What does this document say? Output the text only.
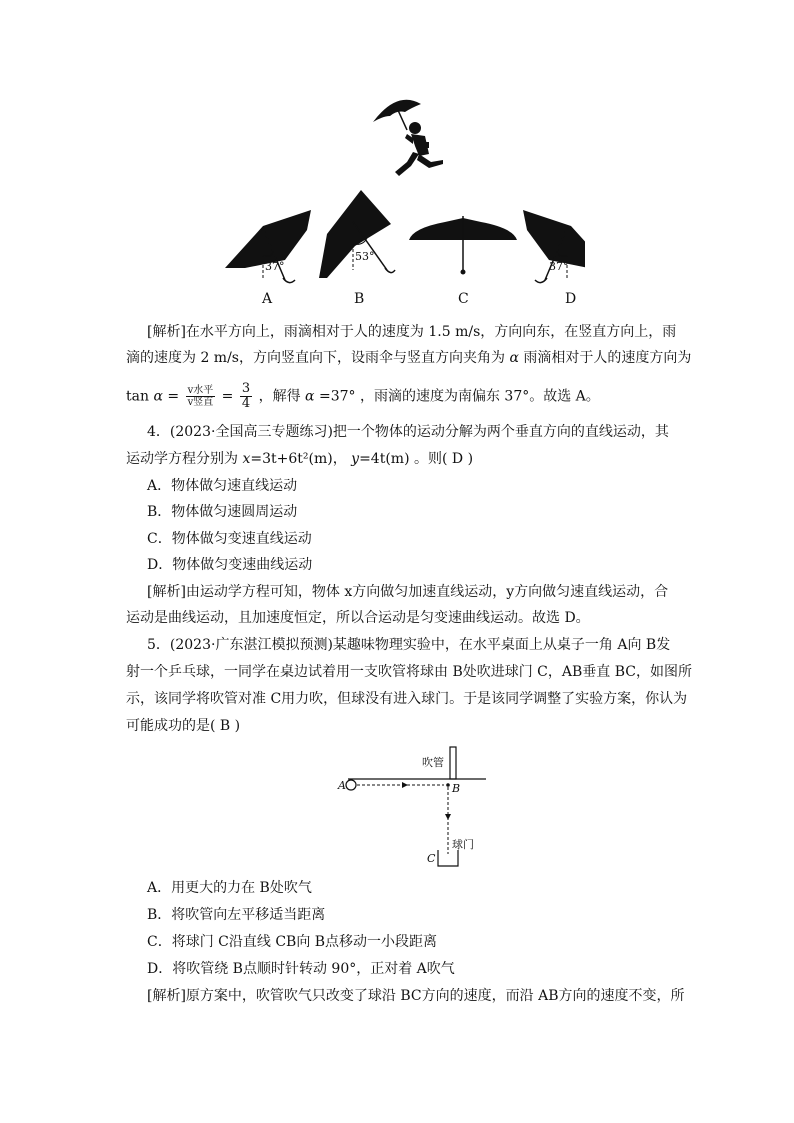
37°
53°
37°
A	B	C	D
[解析]在水平方向上，雨滴相对于人的速度为 1.5 m/s，方向向东，在竖直方向上，雨
滴的速度为 2 m/s，方向竖直向下，设雨伞与竖直方向夹角为 α 雨滴相对于人的速度方向为
$\tan \alpha = \frac{\text{v水平}}{\text{v竖直}} = \frac{3}{4}$ ，解得 α =37° ，雨滴的速度为南偏东 37°。故选 A。
4．(2023·全国高三专题练习)把一个物体的运动分解为两个垂直方向的直线运动，其
运动学方程分别为 x=3t+6t²(m)， y=4t(m) 。则( D )
A．物体做匀速直线运动
B．物体做匀速圆周运动
C．物体做匀变速直线运动
D．物体做匀变速曲线运动
[解析]由运动学方程可知，物体 x方向做匀加速直线运动，y方向做匀速直线运动，合
运动是曲线运动，且加速度恒定，所以合运动是匀变速曲线运动。故选 D。
5．(2023·广东湛江模拟预测)某趣味物理实验中，在水平桌面上从桌子一角 A向 B发
射一个乒乓球，一同学在桌边试着用一支吹管将球由 B处吹进球门 C，AB垂直 BC，如图所
示，该同学将吹管对准 C用力吹，但球没有进入球门。于是该同学调整了实验方案，你认为
可能成功的是( B )
吹管
A	B
C
球门
A．用更大的力在 B处吹气
B．将吹管向左平移适当距离
C．将球门 C沿直线 CB向 B点移动一小段距离
D．将吹管绕 B点顺时针转动 90°，正对着 A吹气
[解析]原方案中，吹管吹气只改变了球沿 BC方向的速度，而沿 AB方向的速度不变，所
